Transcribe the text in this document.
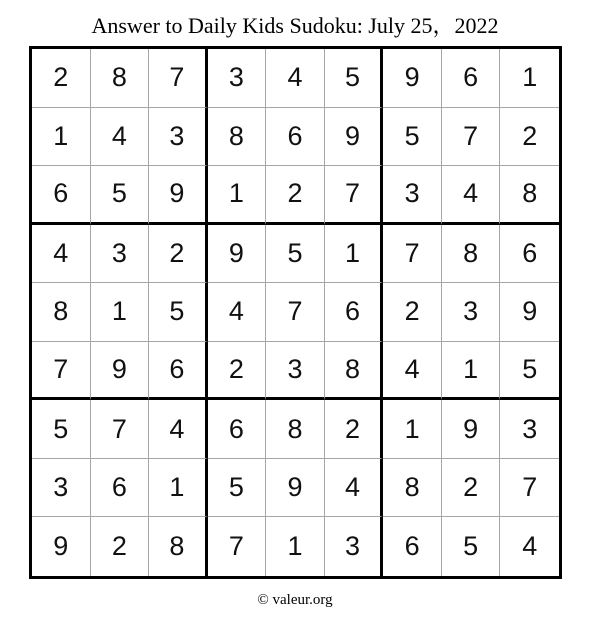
Answer to Daily Kids Sudoku: July 25，2022
2	8	7	3	4	5	9	6	1
1	4	3	8	6	9	5	7	2
6	5	9	1	2	7	3	4	8
4	3	2	9	5	1	7	8	6
8	1	5	4	7	6	2	3	9
7	9	6	2	3	8	4	1	5
5	7	4	6	8	2	1	9	3
3	6	1	5	9	4	8	2	7
9	2	8	7	1	3	6	5	4
© valeur.org
